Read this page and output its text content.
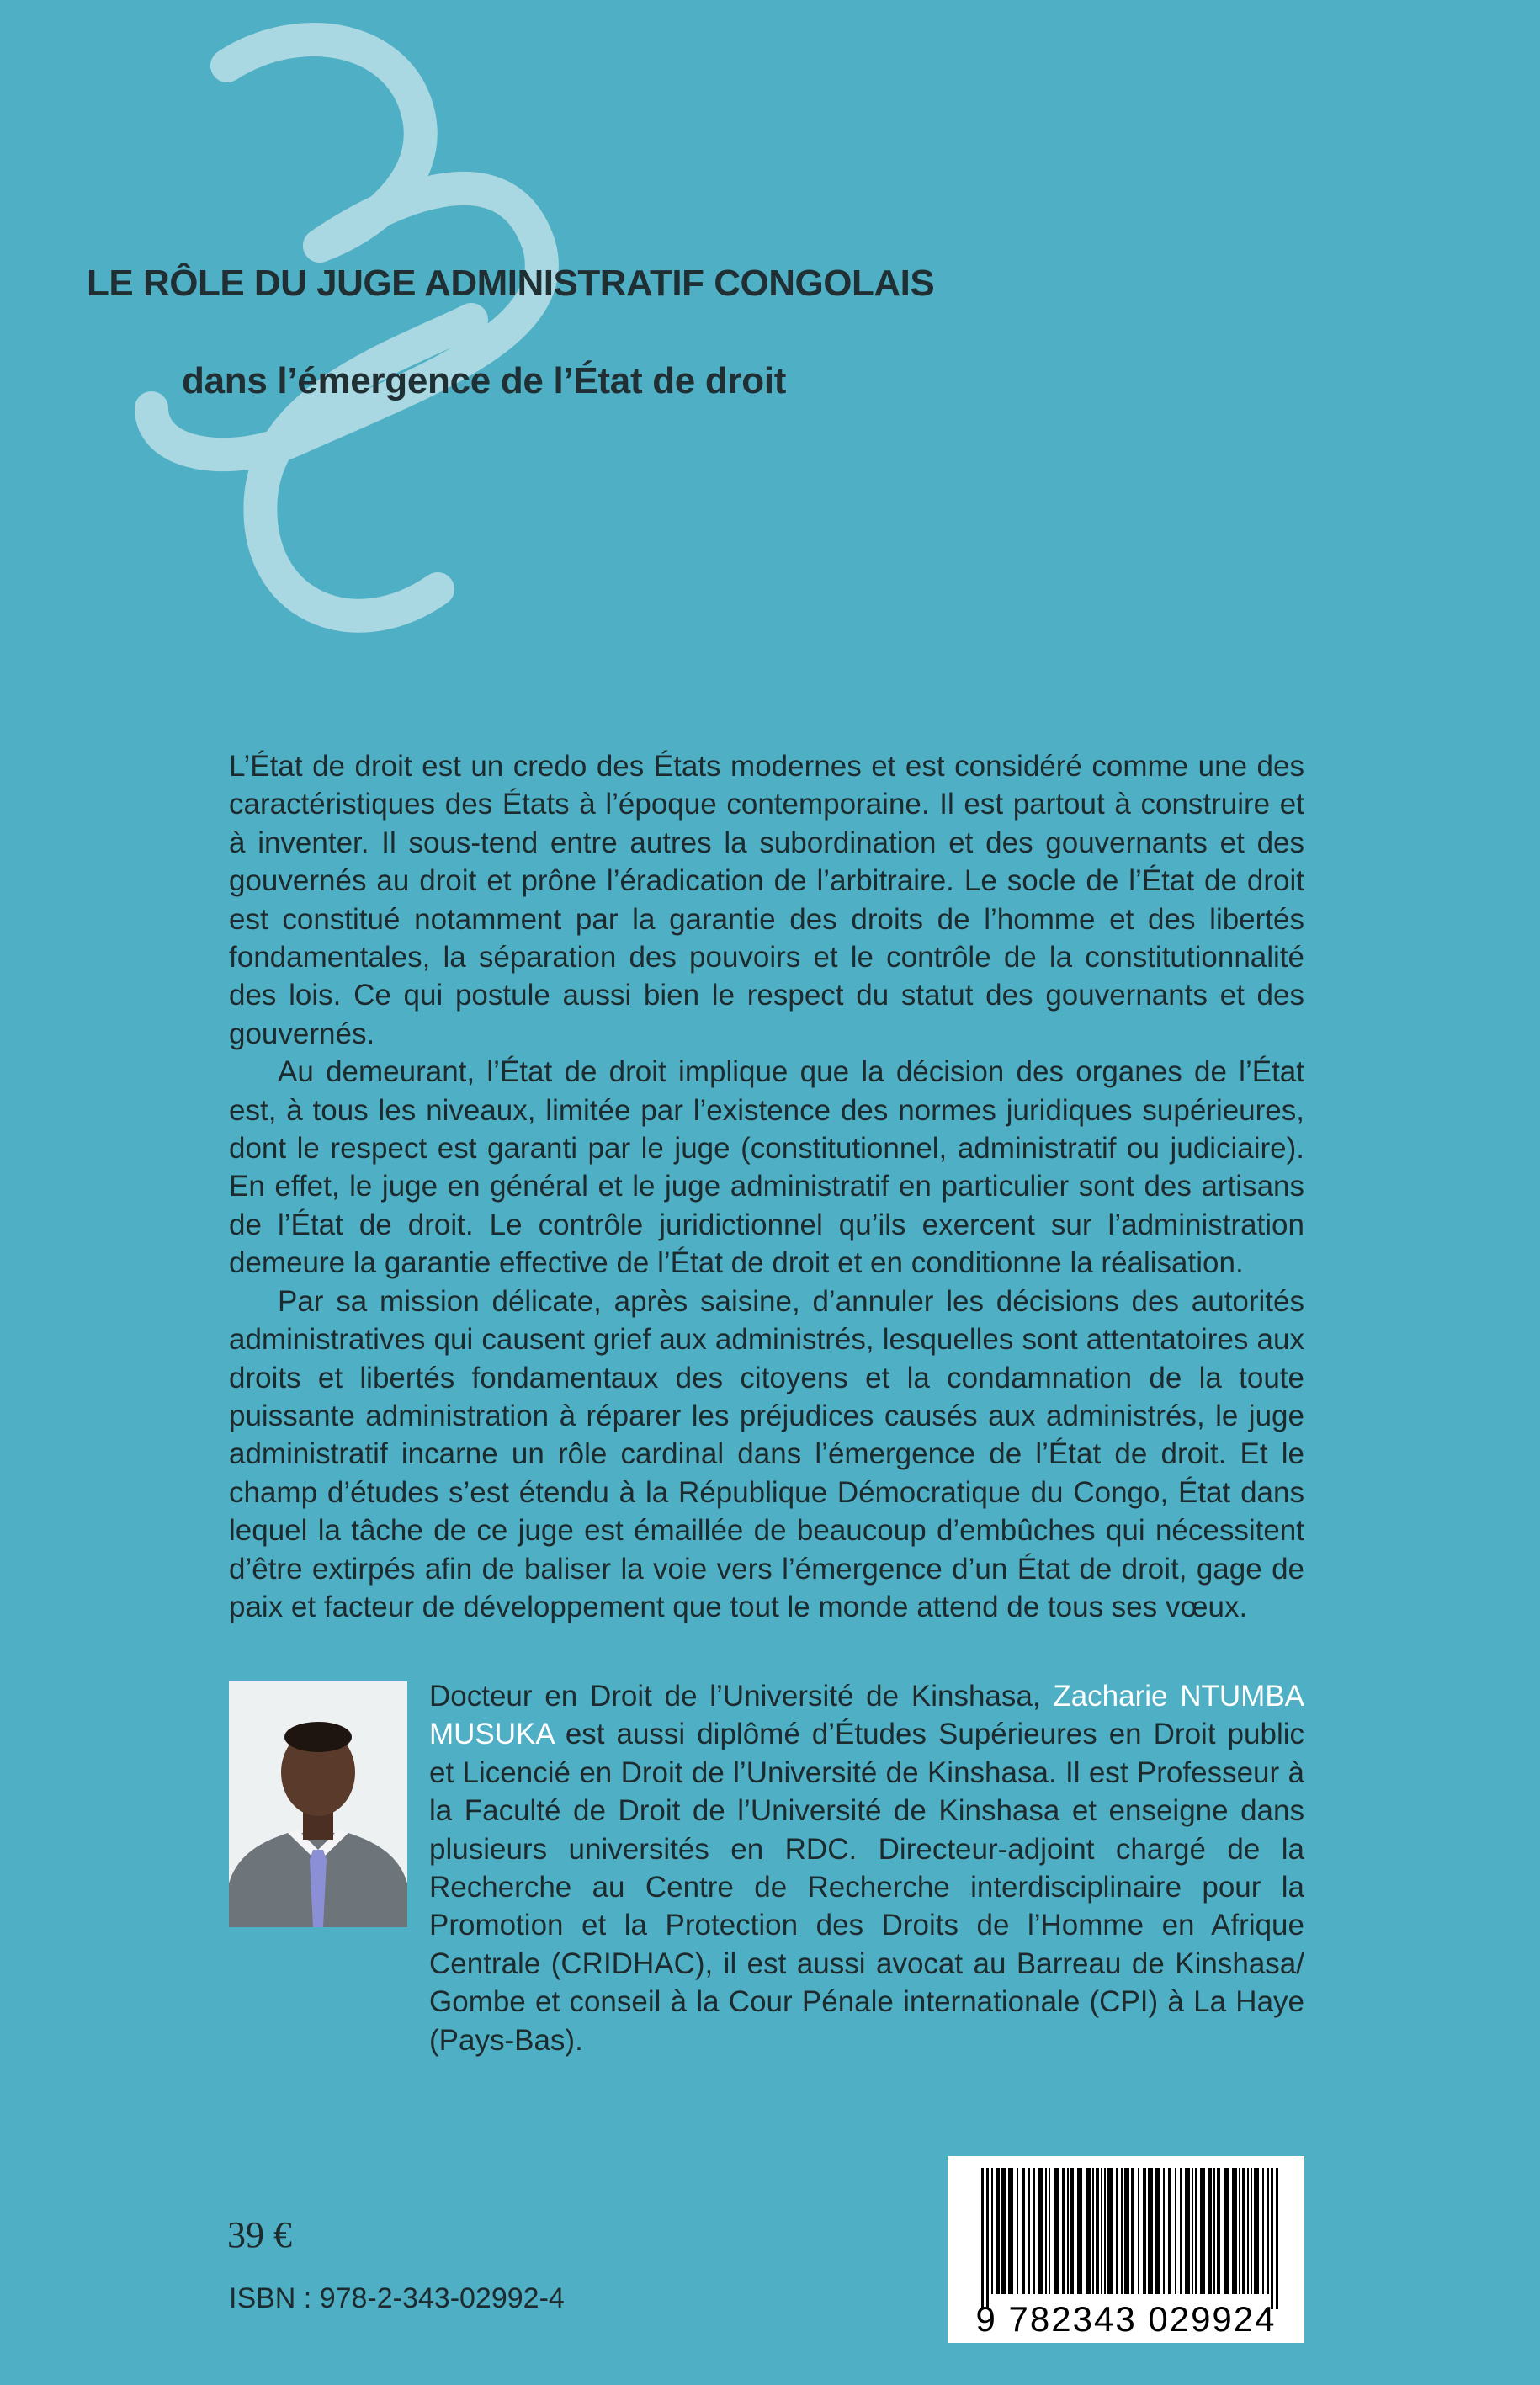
LE RÔLE DU JUGE ADMINISTRATIF CONGOLAIS
dans l’émergence de l’État de droit

L’État de droit est un credo des États modernes et est considéré comme une des caractéristiques des États à l’époque contemporaine. Il est partout à construire et à inventer. Il sous-tend entre autres la subordination et des gouvernants et des gouvernés au droit et prône l’éradication de l’arbitraire. Le socle de l’État de droit est constitué notamment par la garantie des droits de l’homme et des libertés fondamentales, la séparation des pouvoirs et le contrôle de la constitutionnalité des lois. Ce qui postule aussi bien le respect du statut des gouvernants et des gouvernés.

Au demeurant, l’État de droit implique que la décision des organes de l’État est, à tous les niveaux, limitée par l’existence des normes juridiques supérieures, dont le respect est garanti par le juge (constitutionnel, administratif ou judiciaire). En effet, le juge en général et le juge administratif en particulier sont des artisans de l’État de droit. Le contrôle juridictionnel qu’ils exercent sur l’administration demeure la garantie effective de l’État de droit et en conditionne la réalisation.

Par sa mission délicate, après saisine, d’annuler les décisions des autorités administratives qui causent grief aux administrés, lesquelles sont attentatoires aux droits et libertés fondamentaux des citoyens et la condamnation de la toute puissante administration à réparer les préjudices causés aux administrés, le juge administratif incarne un rôle cardinal dans l’émergence de l’État de droit. Et le champ d’études s’est étendu à la République Démocratique du Congo, État dans lequel la tâche de ce juge est émaillée de beaucoup d’embûches qui nécessitent d’être extirpés afin de baliser la voie vers l’émergence d’un État de droit, gage de paix et facteur de développement que tout le monde attend de tous ses vœux.

Docteur en Droit de l’Université de Kinshasa, Zacharie NTUMBA MUSUKA est aussi diplômé d’Études Supérieures en Droit public et Licencié en Droit de l’Université de Kinshasa. Il est Professeur à la Faculté de Droit de l’Université de Kinshasa et enseigne dans plusieurs universités en RDC. Directeur-adjoint chargé de la Recherche au Centre de Recherche interdisciplinaire pour la Promotion et la Protection des Droits de l’Homme en Afrique Centrale (CRIDHAC), il est aussi avocat au Barreau de Kinshasa/ Gombe et conseil à la Cour Pénale internationale (CPI) à La Haye (Pays-Bas).

39 €

ISBN : 978-2-343-02992-4

9 782343 029924
